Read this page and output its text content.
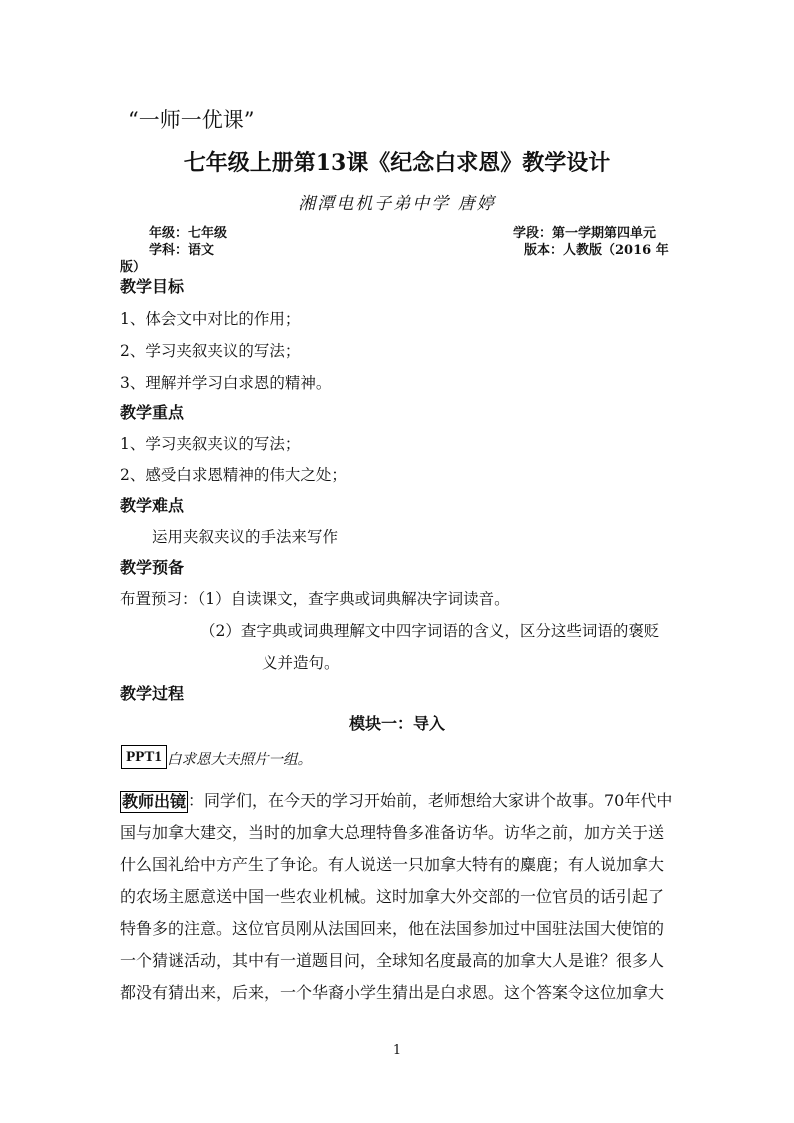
“一师一优课”
七年级上册第13课《纪念白求恩》教学设计
湘潭电机子弟中学 唐婷
年级：七年级	学段：第一学期第四单元
学科：语文	版本：人教版（2016 年
版）
教学目标
1、体会文中对比的作用；
2、学习夹叙夹议的写法；
3、理解并学习白求恩的精神。
教学重点
1、学习夹叙夹议的写法；
2、感受白求恩精神的伟大之处；
教学难点
运用夹叙夹议的手法来写作
教学预备
布置预习：（1）自读课文，查字典或词典解决字词读音。
（2）查字典或词典理解文中四字词语的含义，区分这些词语的褒贬
义并造句。
教学过程
模块一：导入
PPT1 白求恩大夫照片一组。
教师出镜 ：同学们，在今天的学习开始前，老师想给大家讲个故事。70年代中
国与加拿大建交，当时的加拿大总理特鲁多准备访华。访华之前，加方关于送
什么国礼给中方产生了争论。有人说送一只加拿大特有的麋鹿；有人说加拿大
的农场主愿意送中国一些农业机械。这时加拿大外交部的一位官员的话引起了
特鲁多的注意。这位官员刚从法国回来，他在法国参加过中国驻法国大使馆的
一个猜谜活动，其中有一道题目问，全球知名度最高的加拿大人是谁？很多人
都没有猜出来，后来，一个华裔小学生猜出是白求恩。这个答案令这位加拿大
1
